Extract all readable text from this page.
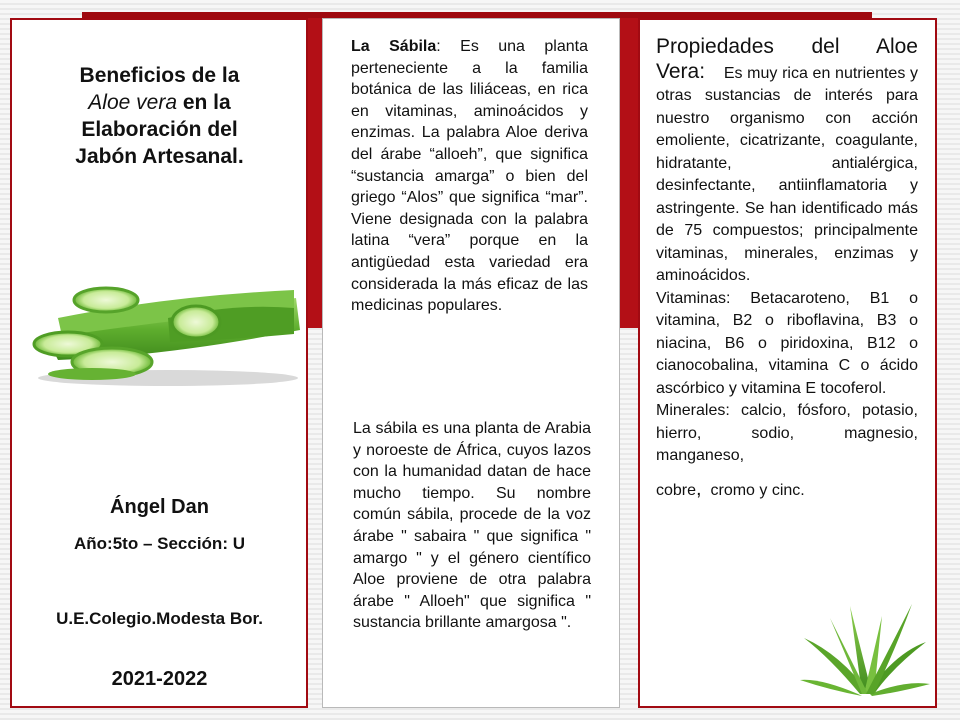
Beneficios de la
Aloe vera en la
Elaboración del
Jabón Artesanal.
Ángel Dan
Año:5to – Sección: U
U.E.Colegio.Modesta Bor.
2021-2022

La Sábila: Es una planta perteneciente a la familia botánica de las liliáceas, en rica en vitaminas, aminoácidos y enzimas. La palabra Aloe deriva del árabe “alloeh”, que significa “sustancia amarga” o bien del griego “Alos” que significa “mar”. Viene designada con la palabra latina “vera” porque en la antigüedad esta variedad era considerada la más eficaz de las medicinas populares.

La sábila es una planta de Arabia y noroeste de África, cuyos lazos con la humanidad datan de hace mucho tiempo. Su nombre común sábila, procede de la voz árabe " sabaira " que significa " amargo " y el género científico Aloe proviene de otra palabra árabe " Alloeh" que significa " sustancia brillante amargosa ".

Propiedades del Aloe Vera: Es muy rica en nutrientes y otras sustancias de interés para nuestro organismo con acción emoliente, cicatrizante, coagulante, hidratante, antialérgica, desinfectante, antiinflamatoria y astringente. Se han identificado más de 75 compuestos; principalmente vitaminas, minerales, enzimas y aminoácidos.

Vitaminas: Betacaroteno, B1 o vitamina, B2 o riboflavina, B3 o niacina, B6 o piridoxina, B12 o cianocobalina, vitamina C o ácido ascórbico y vitamina E tocoferol.

Minerales: calcio, fósforo, potasio, hierro, sodio, magnesio, manganeso,

cobre, cromo y cinc.
